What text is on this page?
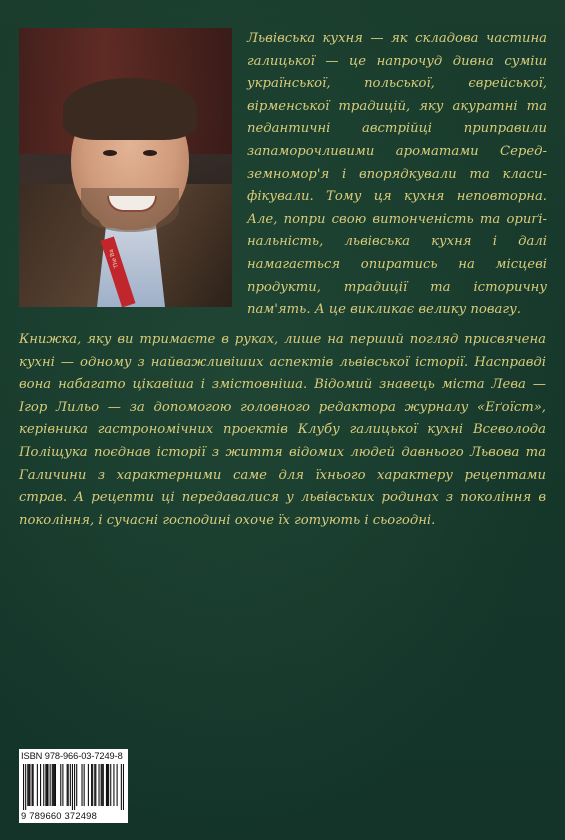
The Ba

Львівська кухня — як складова частина галицької — це напрочуд дивна суміш української, польської, єврейської, вірменської традицій, яку акуратні та педантичні австрійці приправили запаморочливими ароматами Серед-земномор'я і впорядкували та класи-фікували. Тому ця кухня неповторна. Але, попри свою витонченість та ориґі-нальність, львівська кухня і далі намагається опиратись на місцеві продукти, традиції та історичну пам'ять. А це викликає велику повагу.

Книжка, яку ви тримаєте в руках, лише на перший погляд присвячена кухні — одному з найважливіших аспектів львівської історії. Насправді вона набагато цікавіша і змістовніша. Відомий знавець міста Лева — Ігор Лильо — за допомогою головного редактора журналу «Еґоїст», керівника гастрономічних проектів Клубу галицької кухні Всеволода Поліщука поєднав історії з життя відомих людей давнього Львова та Галичини з характерними саме для їхнього характеру рецептами страв. А рецепти ці передавалися у львівських родинах з покоління в покоління, і сучасні господині охоче їх готують і сьогодні.

ISBN 978-966-03-7249-8
9 789660 372498
